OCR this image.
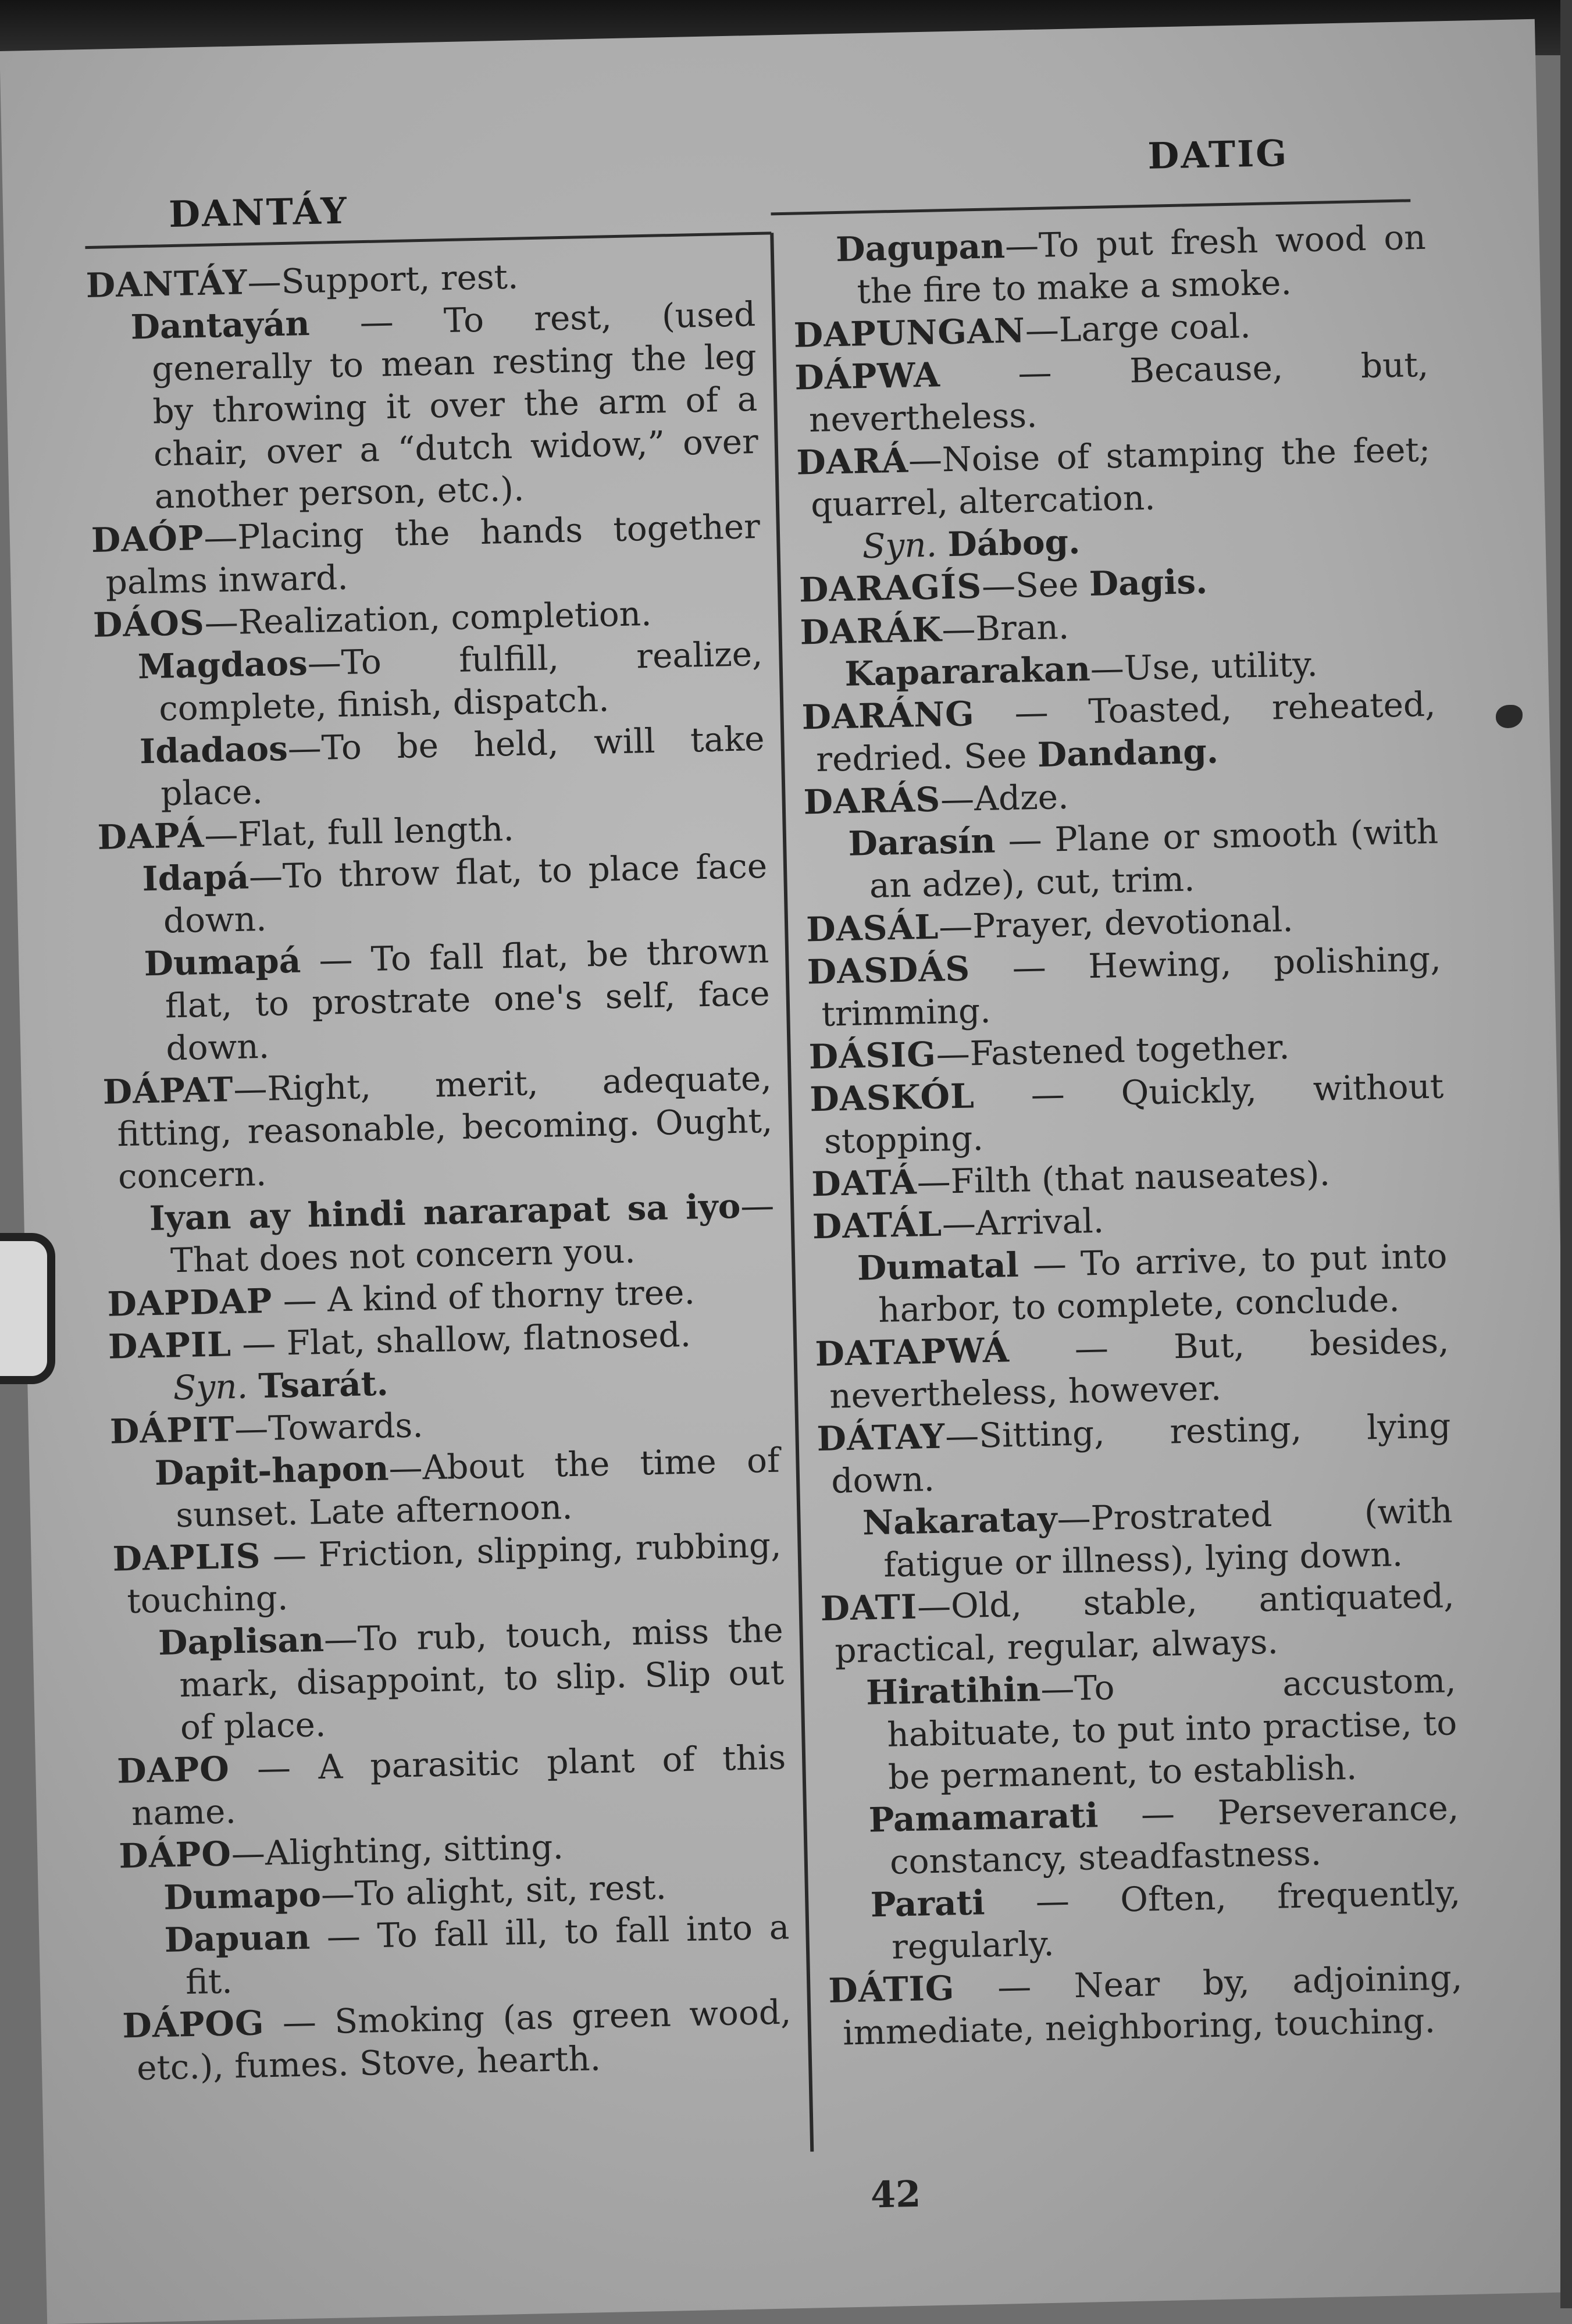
DANTÁY
DATIG

DANTÁY—Support, rest.

Dantayán — To rest, (used generally to mean resting the leg by throwing it over the arm of a chair, over a “dutch widow,” over another person, etc.).

DAÓP—Placing the hands together palms inward.

DÁOS—Realization, completion.

Magdaos—To fulfill, realize, complete, finish, dispatch.

Idadaos—To be held, will take place.

DAPÁ—Flat, full length.

Idapá—To throw flat, to place face down.

Dumapá — To fall flat, be thrown flat, to prostrate one's self, face down.

DÁPAT—Right, merit, adequate, fitting, reasonable, becoming. Ought, concern.

Iyan ay hindi nararapat sa iyo—That does not concern you.

DAPDAP — A kind of thorny tree.

DAPIL — Flat, shallow, flatnosed.

Syn. Tsarát.

DÁPIT—Towards.

Dapit-hapon—About the time of sunset. Late afternoon.

DAPLIS — Friction, slipping, rubbing, touching.

Daplisan—To rub, touch, miss the mark, disappoint, to slip. Slip out of place.

DAPO — A parasitic plant of this name.

DÁPO—Alighting, sitting.

Dumapo—To alight, sit, rest.

Dapuan — To fall ill, to fall into a fit.

DÁPOG — Smoking (as green wood, etc.), fumes. Stove, hearth.

Dagupan—To put fresh wood on the fire to make a smoke.

DAPUNGAN—Large coal.

DÁPWA — Because, but, nevertheless.

DARÁ—Noise of stamping the feet; quarrel, altercation.

Syn. Dábog.

DARAGÍS—See Dagis.

DARÁK—Bran.

Kapararakan—Use, utility.

DARÁNG — Toasted, reheated, redried. See Dandang.

DARÁS—Adze.

Darasín — Plane or smooth (with an adze), cut, trim.

DASÁL—Prayer, devotional.

DASDÁS — Hewing, polishing, trimming.

DÁSIG—Fastened together.

DASKÓL — Quickly, without stopping.

DATÁ—Filth (that nauseates).

DATÁL—Arrival.

Dumatal — To arrive, to put into harbor, to complete, conclude.

DATAPWÁ — But, besides, nevertheless, however.

DÁTAY—Sitting, resting, lying down.

Nakaratay—Prostrated (with fatigue or illness), lying down.

DATI—Old, stable, antiquated, practical, regular, always.

Hiratihin—To accustom, habituate, to put into practise, to be permanent, to establish.

Pamamarati — Perseverance, constancy, steadfastness.

Parati — Often, frequently, regularly.

DÁTIG — Near by, adjoining, immediate, neighboring, touching.

42
